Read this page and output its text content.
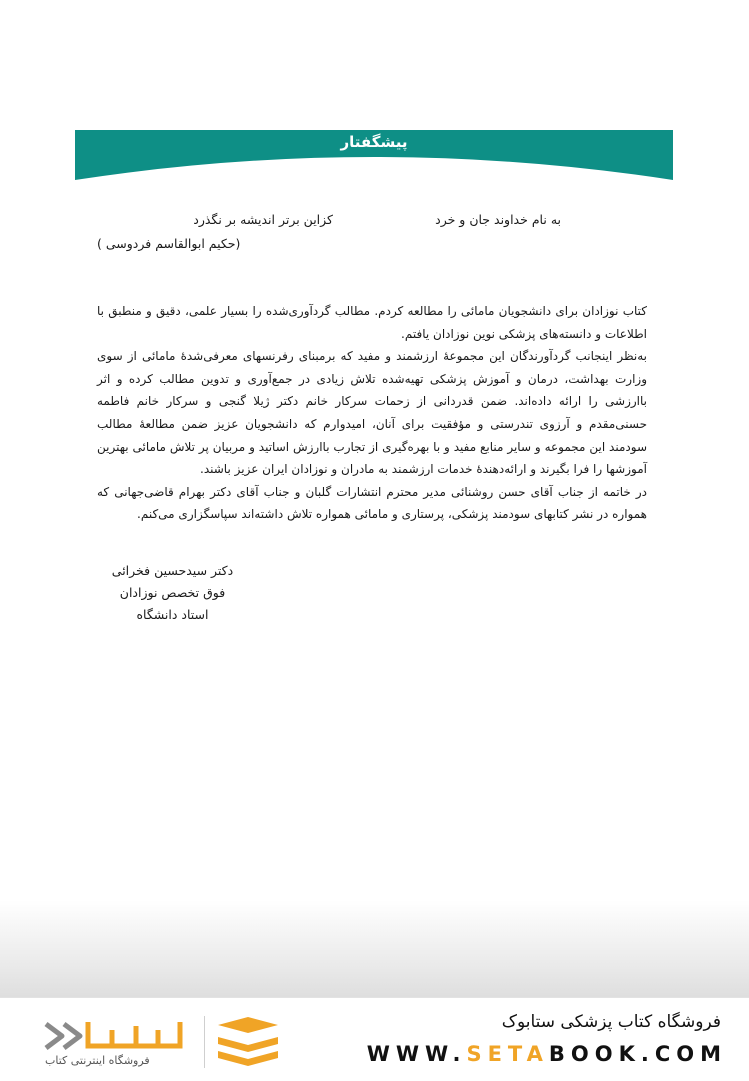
پیشگفتار
به نام خداوند جان و خرد
کزاین برتر اندیشه بر نگذرد
(حکیم ابوالقاسم فردوسی )

کتاب نوزادان برای دانشجویان مامائی را مطالعه کردم. مطالب گردآوری‌شده را بسیار علمی، دقیق و منطبق با اطلاعات و دانسته‌های پزشکی نوین نوزادان یافتم.

به‌نظر اینجانب گردآورندگان این مجموعهٔ ارزشمند و مفید که برمبنای رفرنسهای معرفی‌شدهٔ مامائی از سوی وزارت بهداشت، درمان و آموزش پزشکی تهیه‌شده تلاش زیادی در جمع‌آوری و تدوین مطالب کرده و اثر باارزشی را ارائه داده‌اند. ضمن قدردانی از زحمات سرکار خانم دکتر ژیلا گنجی و سرکار خانم فاطمه حسنی‌مقدم و آرزوی تندرستی و مؤفقیت برای آنان، امیدوارم که دانشجویان عزیز ضمن مطالعهٔ مطالب سودمند این مجموعه و سایر منابع مفید و با بهره‌گیری از تجارب باارزش اساتید و مربیان پر تلاش مامائی بهترین آموزشها را فرا بگیرند و ارائه‌دهندهٔ خدمات ارزشمند به مادران و نوزادان ایران عزیز باشند.

در خاتمه از جناب آقای حسن روشنائی مدیر محترم انتشارات گلبان و جناب آقای دکتر بهرام قاضی‌جهانی که همواره در نشر کتابهای سودمند پزشکی، پرستاری و مامائی همواره تلاش داشته‌اند سپاسگزاری می‌کنم.

دکتر سیدحسین فخرائی
فوق تخصص نوزادان
استاد دانشگاه
فروشگاه کتاب پزشکی ستابوک
WWW.SETABOOK.COM
فروشگاه اینترنتی کتاب
